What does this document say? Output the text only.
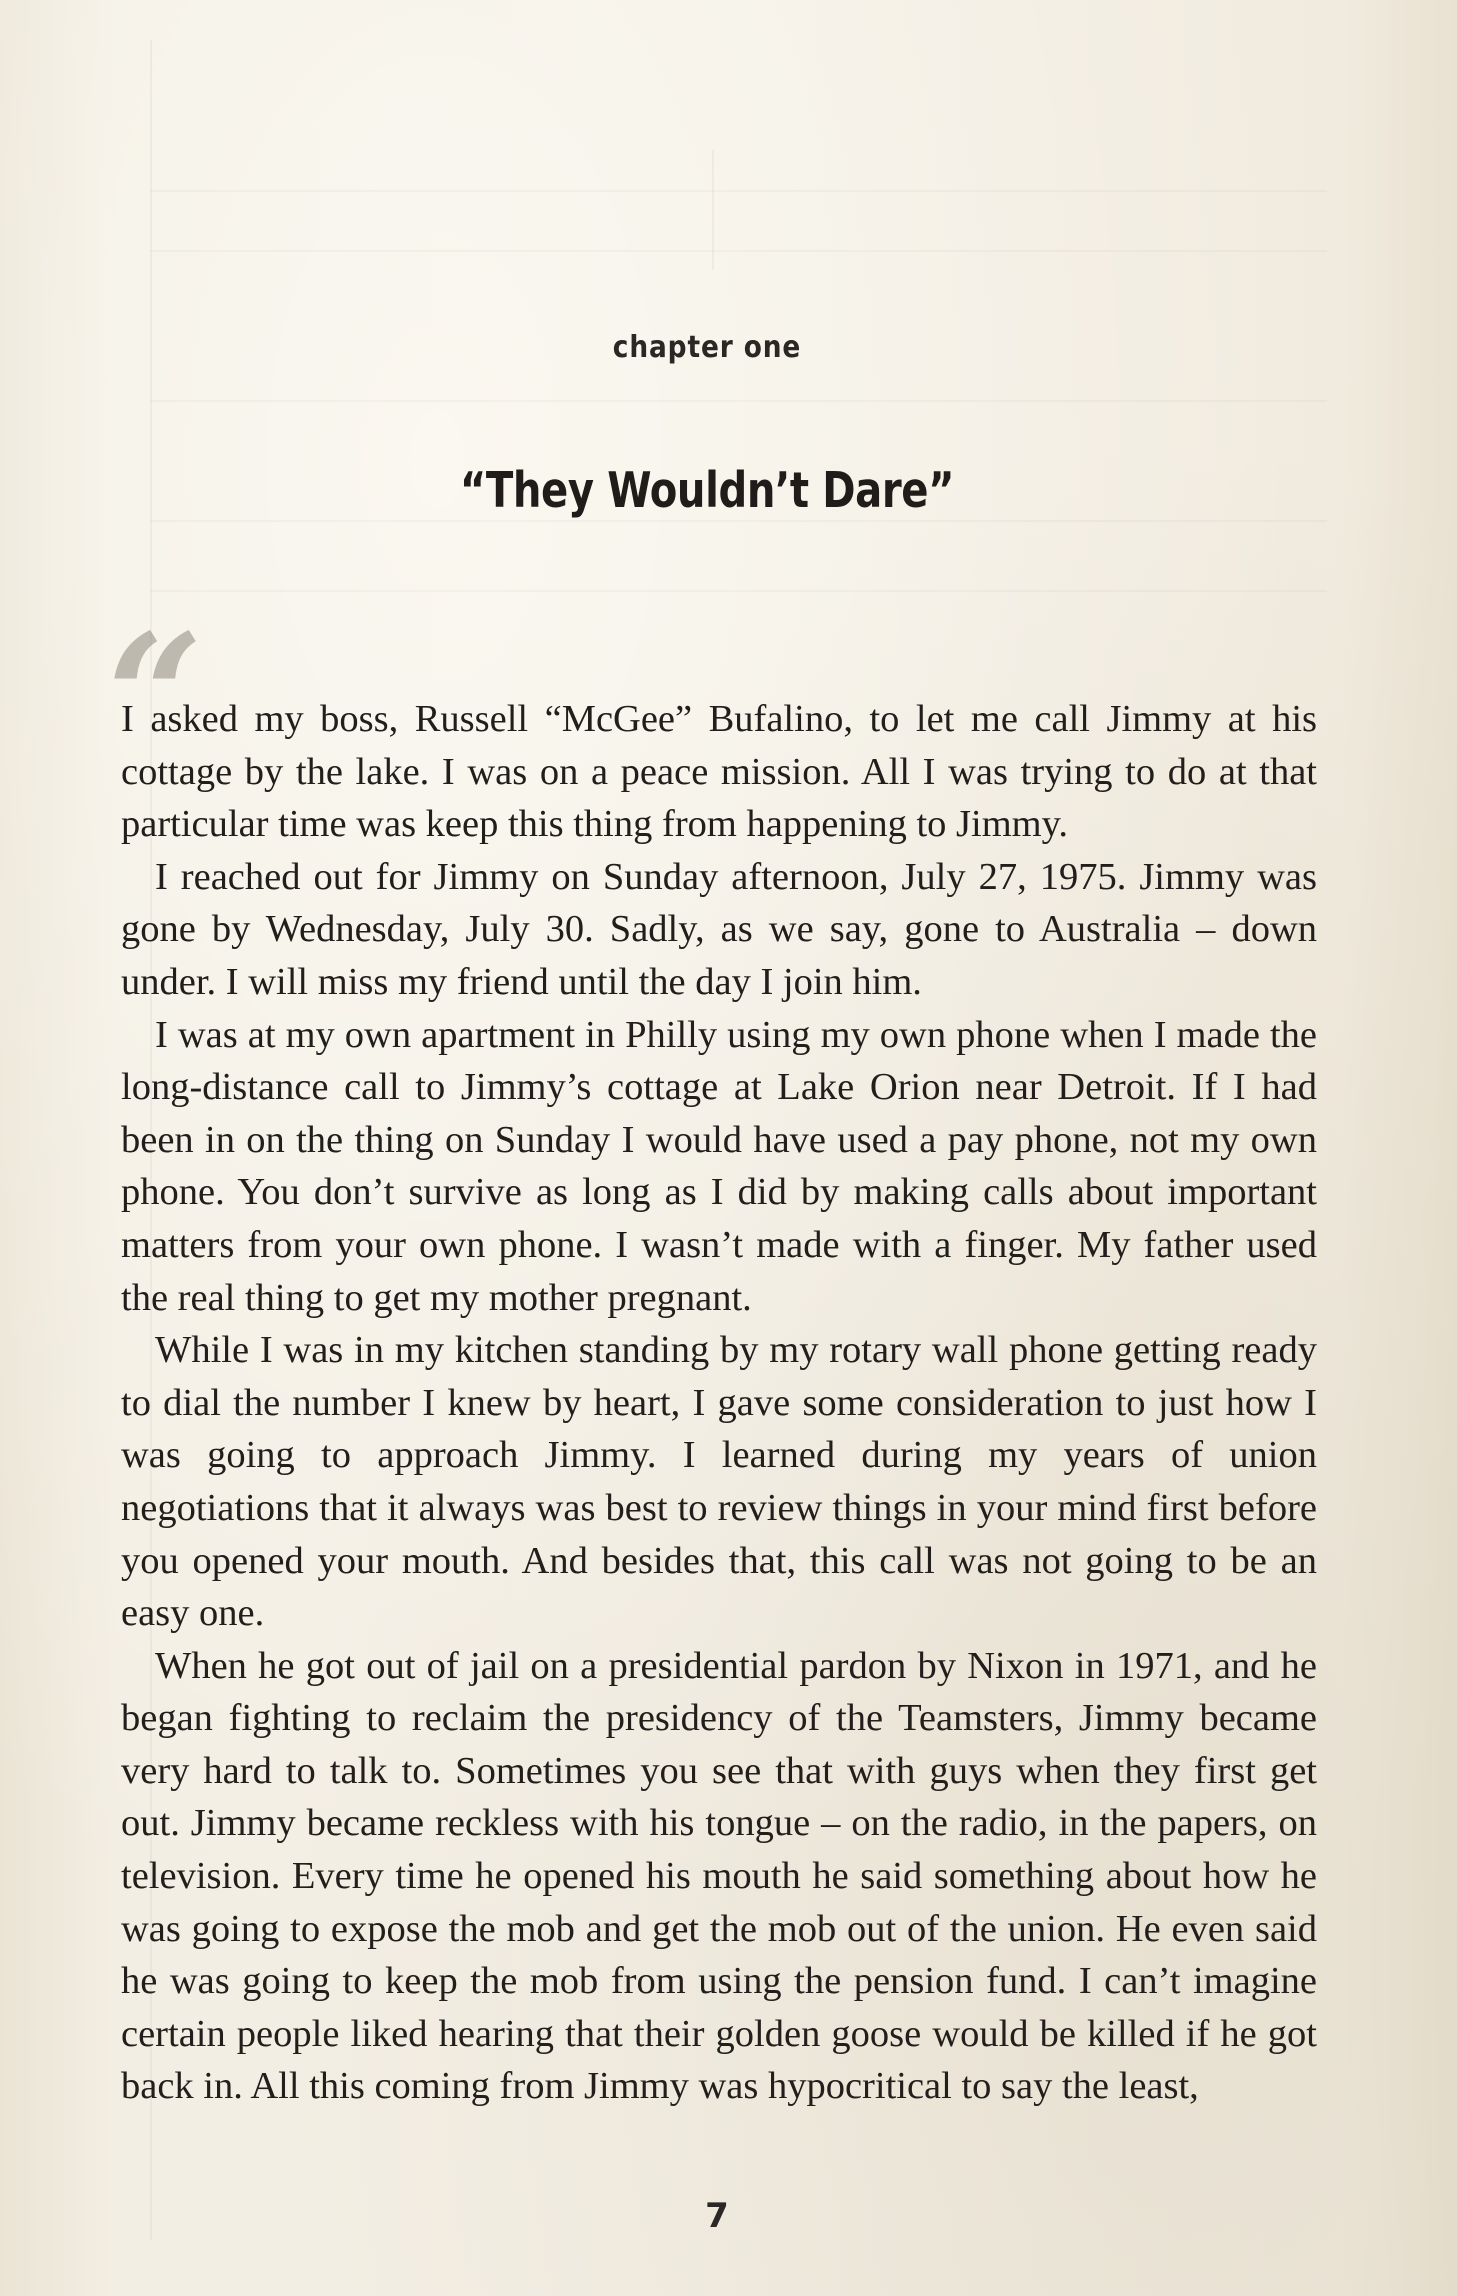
chapter one
“They Wouldn’t Dare”
“

I asked my boss, Russell “McGee” Bufalino, to let me call Jimmy at his cottage by the lake. I was on a peace mission. All I was trying to do at that particular time was keep this thing from happening to Jimmy.

I reached out for Jimmy on Sunday afternoon, July 27, 1975. Jimmy was gone by Wednesday, July 30. Sadly, as we say, gone to Australia – down under. I will miss my friend until the day I join him.

I was at my own apartment in Philly using my own phone when I made the long-distance call to Jimmy’s cottage at Lake Orion near Detroit. If I had been in on the thing on Sunday I would have used a pay phone, not my own phone. You don’t survive as long as I did by making calls about important matters from your own phone. I wasn’t made with a finger. My father used the real thing to get my mother pregnant.

While I was in my kitchen standing by my rotary wall phone getting ready to dial the number I knew by heart, I gave some consideration to just how I was going to approach Jimmy. I learned during my years of union negotiations that it always was best to review things in your mind first before you opened your mouth. And besides that, this call was not going to be an easy one.

When he got out of jail on a presidential pardon by Nixon in 1971, and he began fighting to reclaim the presidency of the Teamsters, Jimmy became very hard to talk to. Sometimes you see that with guys when they first get out. Jimmy became reckless with his tongue – on the radio, in the papers, on television. Every time he opened his mouth he said something about how he was going to expose the mob and get the mob out of the union. He even said he was going to keep the mob from using the pension fund. I can’t imagine certain people liked hearing that their golden goose would be killed if he got back in. All this coming from Jimmy was hypocritical to say the least,

7
